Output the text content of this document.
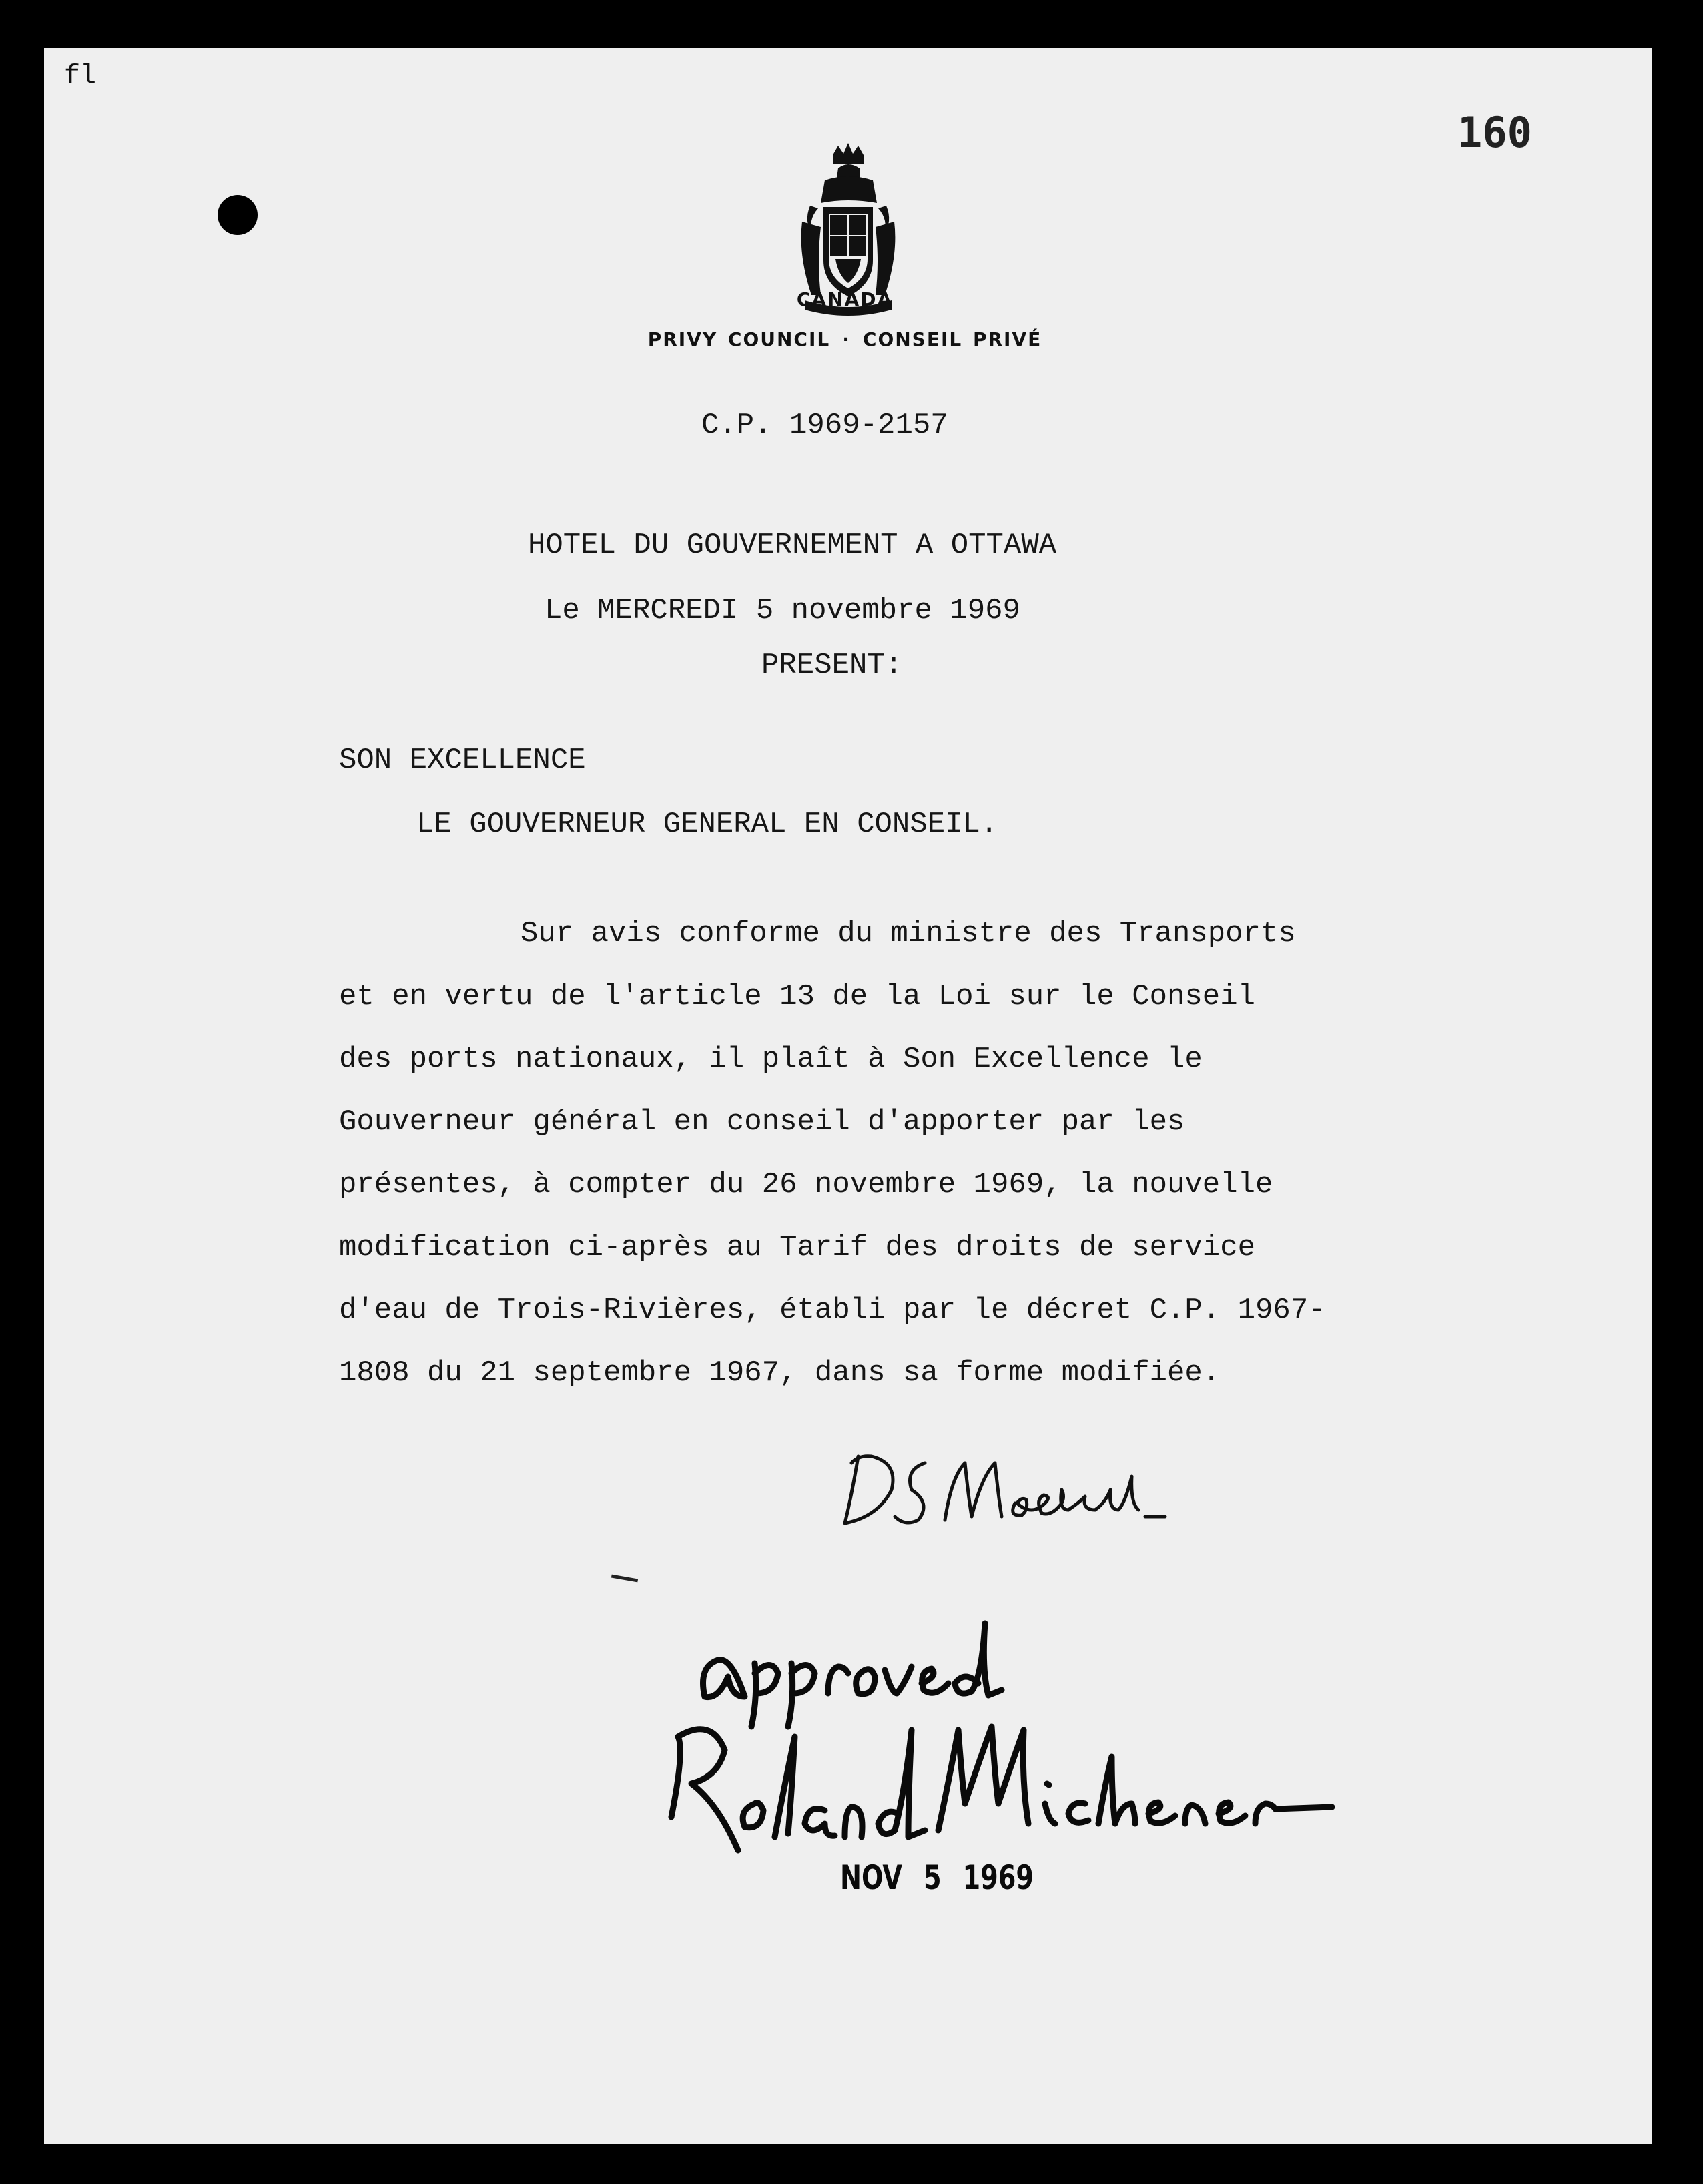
fl
160
CANADA
PRIVY COUNCIL · CONSEIL PRIVÉ
C.P. 1969-2157
HOTEL DU GOUVERNEMENT A OTTAWA
Le MERCREDI 5 novembre 1969
PRESENT:
SON EXCELLENCE
LE GOUVERNEUR GENERAL EN CONSEIL.
Sur avis conforme du ministre des Transports
et en vertu de l'article 13 de la Loi sur le Conseil
des ports nationaux, il plaît à Son Excellence le
Gouverneur général en conseil d'apporter par les
présentes, à compter du 26 novembre 1969, la nouvelle
modification ci-après au Tarif des droits de service
d'eau de Trois-Rivières, établi par le décret C.P. 1967-
1808 du 21 septembre 1967, dans sa forme modifiée.
NOV 5 1969
